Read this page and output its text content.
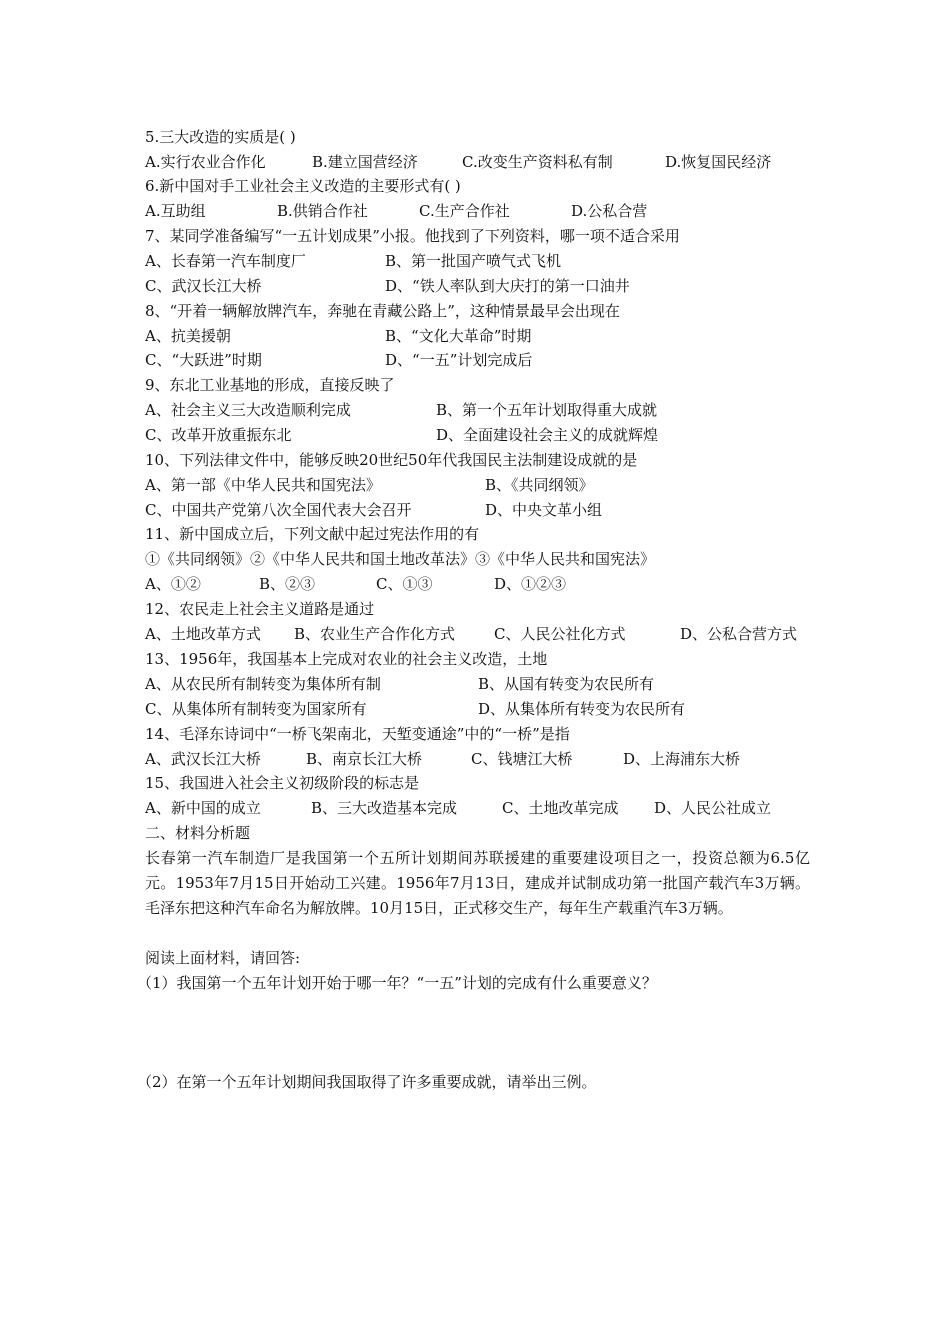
5.三大改造的实质是( )
A.实行农业合作化	B.建立国营经济	C.改变生产资料私有制	D.恢复国民经济
6.新中国对手工业社会主义改造的主要形式有( )
A.互助组	B.供销合作社	C.生产合作社	D.公私合营
7、某同学准备编写“一五计划成果”小报。他找到了下列资料，哪一项不适合采用
A、长春第一汽车制度厂	B、第一批国产喷气式飞机
C、武汉长江大桥	D、“铁人率队到大庆打的第一口油井
8、“开着一辆解放牌汽车，奔驰在青藏公路上”，这种情景最早会出现在
A、抗美援朝	B、“文化大革命”时期
C、“大跃进”时期	D、“一五”计划完成后
9、东北工业基地的形成，直接反映了
A、社会主义三大改造顺利完成	B、第一个五年计划取得重大成就
C、改革开放重振东北	D、全面建设社会主义的成就辉煌
10、下列法律文件中，能够反映20世纪50年代我国民主法制建设成就的是
A、第一部《中华人民共和国宪法》	B、《共同纲领》
C、中国共产党第八次全国代表大会召开	D、中央文革小组
11、新中国成立后，下列文献中起过宪法作用的有
①《共同纲领》②《中华人民共和国土地改革法》③《中华人民共和国宪法》
A、①②	B、②③	C、①③	D、①②③
12、农民走上社会主义道路是通过
A、土地改革方式 B、农业生产合作化方式	C、人民公社化方式	D、公私合营方式
13、1956年，我国基本上完成对农业的社会主义改造，土地
A、从农民所有制转变为集体所有制	B、从国有转变为农民所有
C、从集体所有制转变为国家所有	D、从集体所有转变为农民所有
14、毛泽东诗词中“一桥飞架南北，天堑变通途”中的“一桥”是指
A、武汉长江大桥	B、南京长江大桥	C、钱塘江大桥	D、上海浦东大桥
15、我国进入社会主义初级阶段的标志是
A、新中国的成立	B、三大改造基本完成	C、土地改革完成 D、人民公社成立
二、材料分析题
长春第一汽车制造厂是我国第一个五所计划期间苏联援建的重要建设项目之一，投资总额为6.5亿元。1953年7月15日开始动工兴建。1956年7月13日，建成并试制成功第一批国产载汽车3万辆。毛泽东把这种汽车命名为解放牌。10月15日，正式移交生产，每年生产载重汽车3万辆。
阅读上面材料，请回答:
（1）我国第一个五年计划开始于哪一年？“一五”计划的完成有什么重要意义？
（2）在第一个五年计划期间我国取得了许多重要成就，请举出三例。
